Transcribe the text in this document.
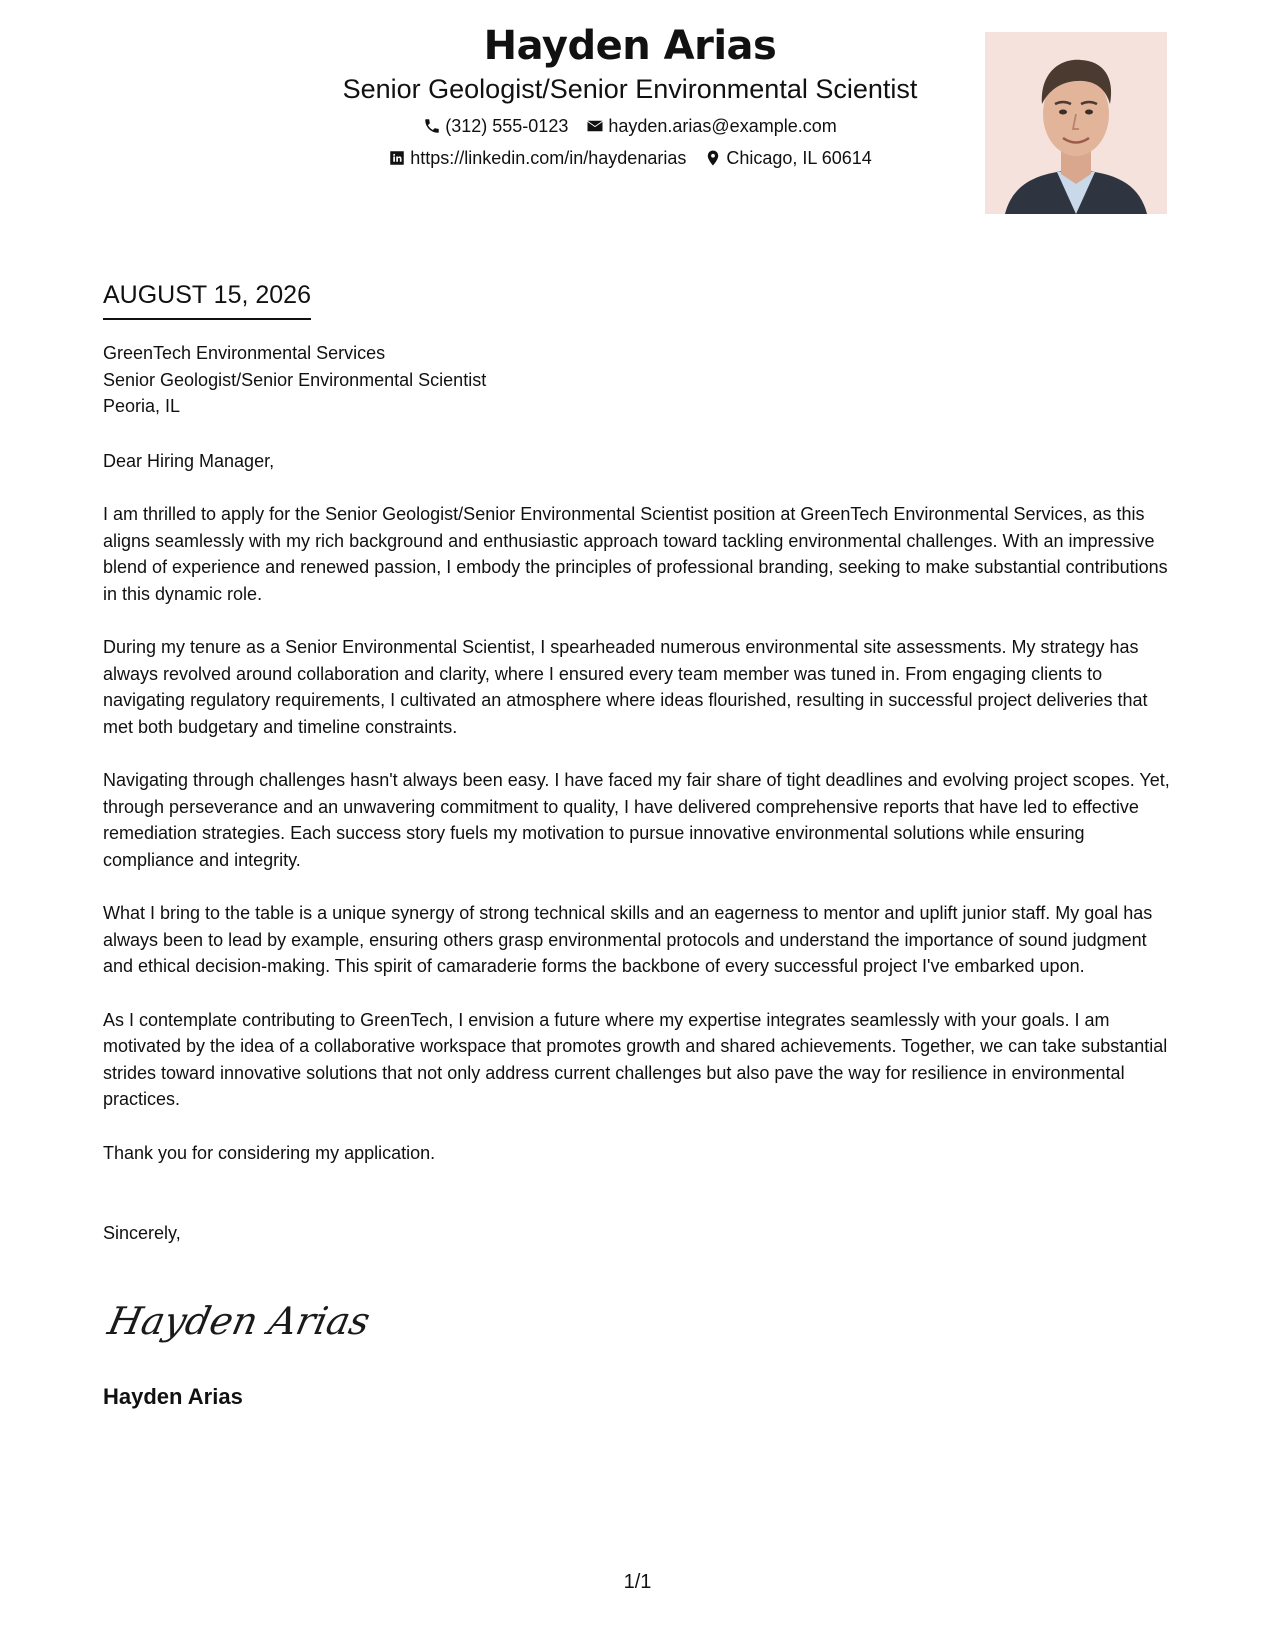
Hayden Arias
Senior Geologist/Senior Environmental Scientist
(312) 555-0123 hayden.arias@example.com
https://linkedin.com/in/haydenarias Chicago, IL 60614
AUGUST 15, 2026
GreenTech Environmental Services
Senior Geologist/Senior Environmental Scientist
Peoria, IL
Dear Hiring Manager,
I am thrilled to apply for the Senior Geologist/Senior Environmental Scientist position at GreenTech Environmental Services, as this aligns seamlessly with my rich background and enthusiastic approach toward tackling environmental challenges. With an impressive blend of experience and renewed passion, I embody the principles of professional branding, seeking to make substantial contributions in this dynamic role.
During my tenure as a Senior Environmental Scientist, I spearheaded numerous environmental site assessments. My strategy has always revolved around collaboration and clarity, where I ensured every team member was tuned in. From engaging clients to navigating regulatory requirements, I cultivated an atmosphere where ideas flourished, resulting in successful project deliveries that met both budgetary and timeline constraints.
Navigating through challenges hasn't always been easy. I have faced my fair share of tight deadlines and evolving project scopes. Yet, through perseverance and an unwavering commitment to quality, I have delivered comprehensive reports that have led to effective remediation strategies. Each success story fuels my motivation to pursue innovative environmental solutions while ensuring compliance and integrity.
What I bring to the table is a unique synergy of strong technical skills and an eagerness to mentor and uplift junior staff. My goal has always been to lead by example, ensuring others grasp environmental protocols and understand the importance of sound judgment and ethical decision-making. This spirit of camaraderie forms the backbone of every successful project I've embarked upon.
As I contemplate contributing to GreenTech, I envision a future where my expertise integrates seamlessly with your goals. I am motivated by the idea of a collaborative workspace that promotes growth and shared achievements. Together, we can take substantial strides toward innovative solutions that not only address current challenges but also pave the way for resilience in environmental practices.
Thank you for considering my application.
Sincerely,
Hayden Arias
Hayden Arias
1/1
